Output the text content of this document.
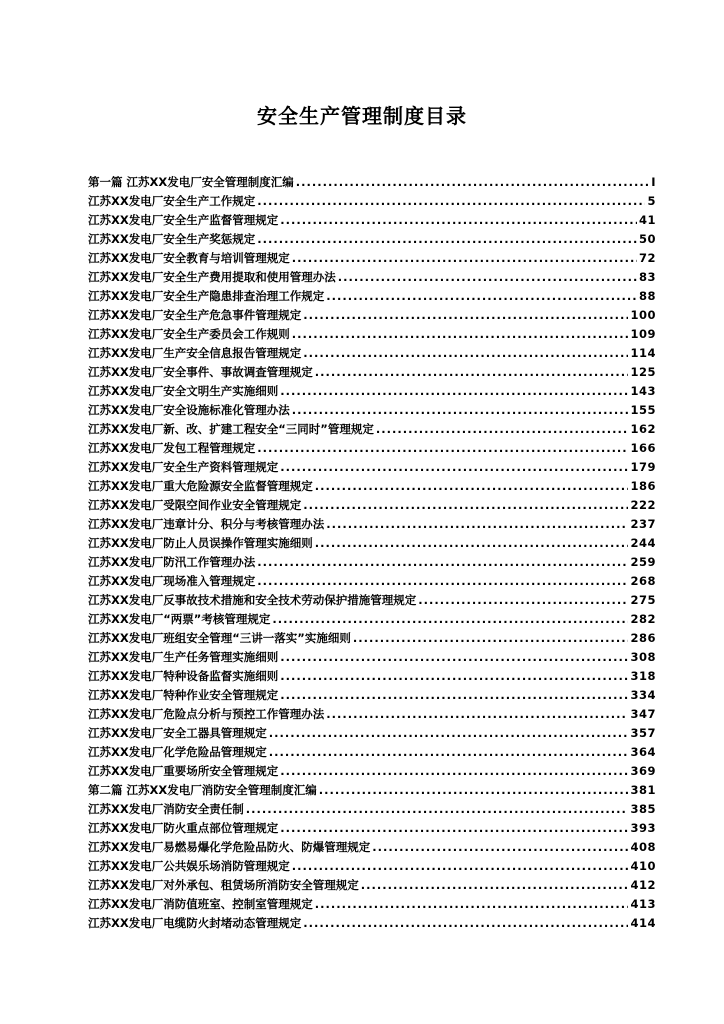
安全生产管理制度目录
第一篇 江苏XX发电厂安全管理制度汇编 .....	I
江苏XX发电厂安全生产工作规定 .....	5
江苏XX发电厂安全生产监督管理规定 .....	41
江苏XX发电厂安全生产奖惩规定 .....	50
江苏XX发电厂安全教育与培训管理规定 .....	72
江苏XX发电厂安全生产费用提取和使用管理办法 .....	83
江苏XX发电厂安全生产隐患排查治理工作规定 .....	88
江苏XX发电厂安全生产危急事件管理规定 .....	100
江苏XX发电厂安全生产委员会工作规则 .....	109
江苏XX发电厂生产安全信息报告管理规定 .....	114
江苏XX发电厂安全事件、事故调查管理规定 .....	125
江苏XX发电厂安全文明生产实施细则 .....	143
江苏XX发电厂安全设施标准化管理办法 .....	155
江苏XX发电厂新、改、扩建工程安全“三同时”管理规定 .....	162
江苏XX发电厂发包工程管理规定 .....	166
江苏XX发电厂安全生产资料管理规定 .....	179
江苏XX发电厂重大危险源安全监督管理规定 .....	186
江苏XX发电厂受限空间作业安全管理规定 .....	222
江苏XX发电厂违章计分、积分与考核管理办法 .....	237
江苏XX发电厂防止人员误操作管理实施细则 .....	244
江苏XX发电厂防汛工作管理办法 .....	259
江苏XX发电厂现场准入管理规定 .....	268
江苏XX发电厂反事故技术措施和安全技术劳动保护措施管理规定 .....	275
江苏XX发电厂“两票”考核管理规定 .....	282
江苏XX发电厂班组安全管理“三讲一落实”实施细则 .....	286
江苏XX发电厂生产任务管理实施细则 .....	308
江苏XX发电厂特种设备监督实施细则 .....	318
江苏XX发电厂特种作业安全管理规定 .....	334
江苏XX发电厂危险点分析与预控工作管理办法 .....	347
江苏XX发电厂安全工器具管理规定 .....	357
江苏XX发电厂化学危险品管理规定 .....	364
江苏XX发电厂重要场所安全管理规定 .....	369
第二篇 江苏XX发电厂消防安全管理制度汇编 .....	381
江苏XX发电厂消防安全责任制 .....	385
江苏XX发电厂防火重点部位管理规定 .....	393
江苏XX发电厂易燃易爆化学危险品防火、防爆管理规定 .....	408
江苏XX发电厂公共娱乐场消防管理规定 .....	410
江苏XX发电厂对外承包、租赁场所消防安全管理规定 .....	412
江苏XX发电厂消防值班室、控制室管理规定 .....	413
江苏XX发电厂电缆防火封堵动态管理规定 .....	414
